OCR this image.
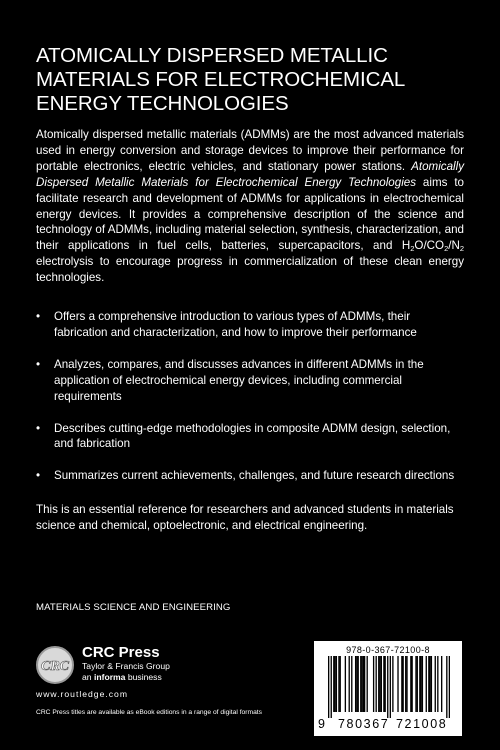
ATOMICALLY DISPERSED METALLIC MATERIALS FOR ELECTROCHEMICAL ENERGY TECHNOLOGIES
Atomically dispersed metallic materials (ADMMs) are the most advanced materials used in energy conversion and storage devices to improve their performance for portable electronics, electric vehicles, and stationary power stations. Atomically Dispersed Metallic Materials for Electrochemical Energy Technologies aims to facilitate research and development of ADMMs for applications in electrochemical energy devices. It provides a comprehensive description of the science and technology of ADMMs, including material selection, synthesis, characterization, and their applications in fuel cells, batteries, supercapacitors, and $H_2O/CO_2/N_2$ electrolysis to encourage progress in commercialization of these clean energy technologies.
• Offers a comprehensive introduction to various types of ADMMs, their fabrication and characterization, and how to improve their performance
• Analyzes, compares, and discusses advances in different ADMMs in the application of electrochemical energy devices, including commercial requirements
• Describes cutting-edge methodologies in composite ADMM design, selection, and fabrication
• Summarizes current achievements, challenges, and future research directions
This is an essential reference for researchers and advanced students in materials science and chemical, optoelectronic, and electrical engineering.
MATERIALS SCIENCE AND ENGINEERING
CRC
CRC Press
Taylor & Francis Group
an informa business
www.routledge.com
CRC Press titles are available as eBook editions in a range of digital formats
978-0-367-72100-8
9 780367 721008
